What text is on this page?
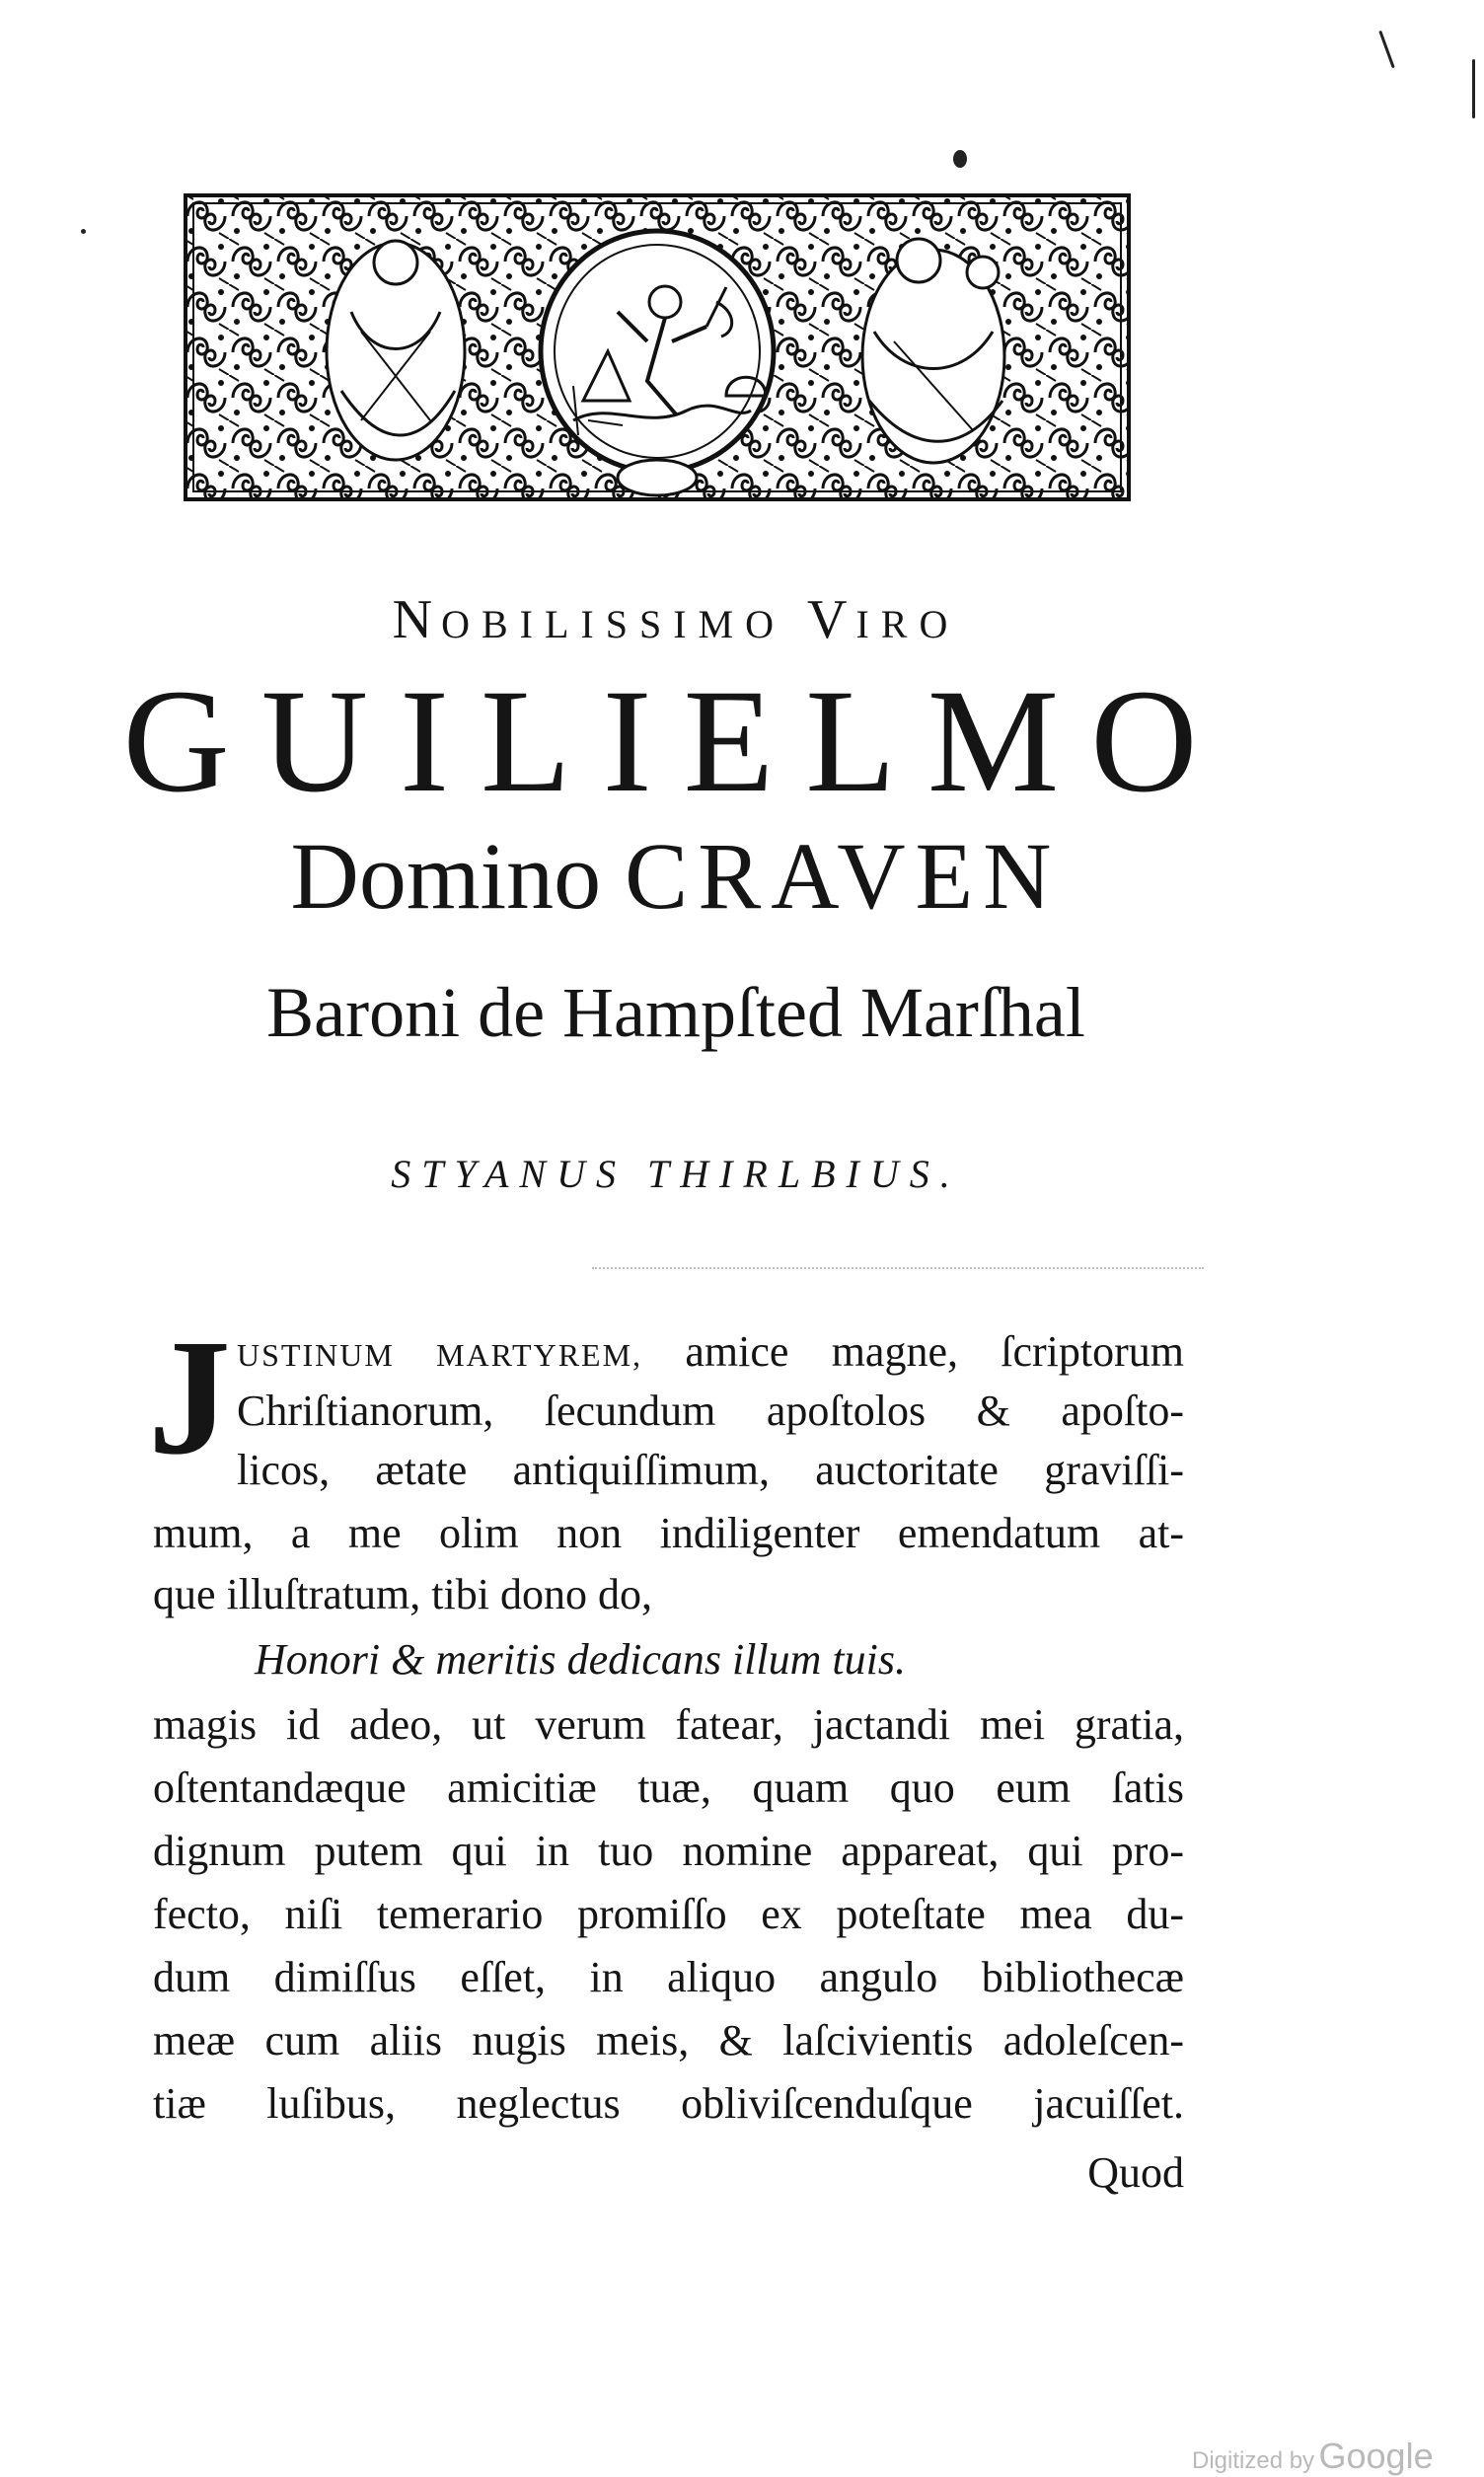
NOBILISSIMO VIRO
GUILIELMO
Domino CRAVEN
Baroni de Hampſted Marſhal
STYANUS THIRLBIUS.
J USTINUM MARTYREM, amice magne, ſcriptorum
Chriſtianorum, ſecundum apoſtolos & apoſto-
licos, ætate antiquiſſimum, auctoritate graviſſi-
mum, a me olim non indiligenter emendatum at-
que illuſtratum, tibi dono do,
Honori & meritis dedicans illum tuis.
magis id adeo, ut verum fatear, jactandi mei gratia,
oſtentandæque amicitiæ tuæ, quam quo eum ſatis
dignum putem qui in tuo nomine appareat, qui pro-
fecto, niſi temerario promiſſo ex poteſtate mea du-
dum dimiſſus eſſet, in aliquo angulo bibliothecæ
meæ cum aliis nugis meis, & laſcivientis adoleſcen-
tiæ luſibus, neglectus obliviſcenduſque jacuiſſet.
Quod
Digitized by Google
